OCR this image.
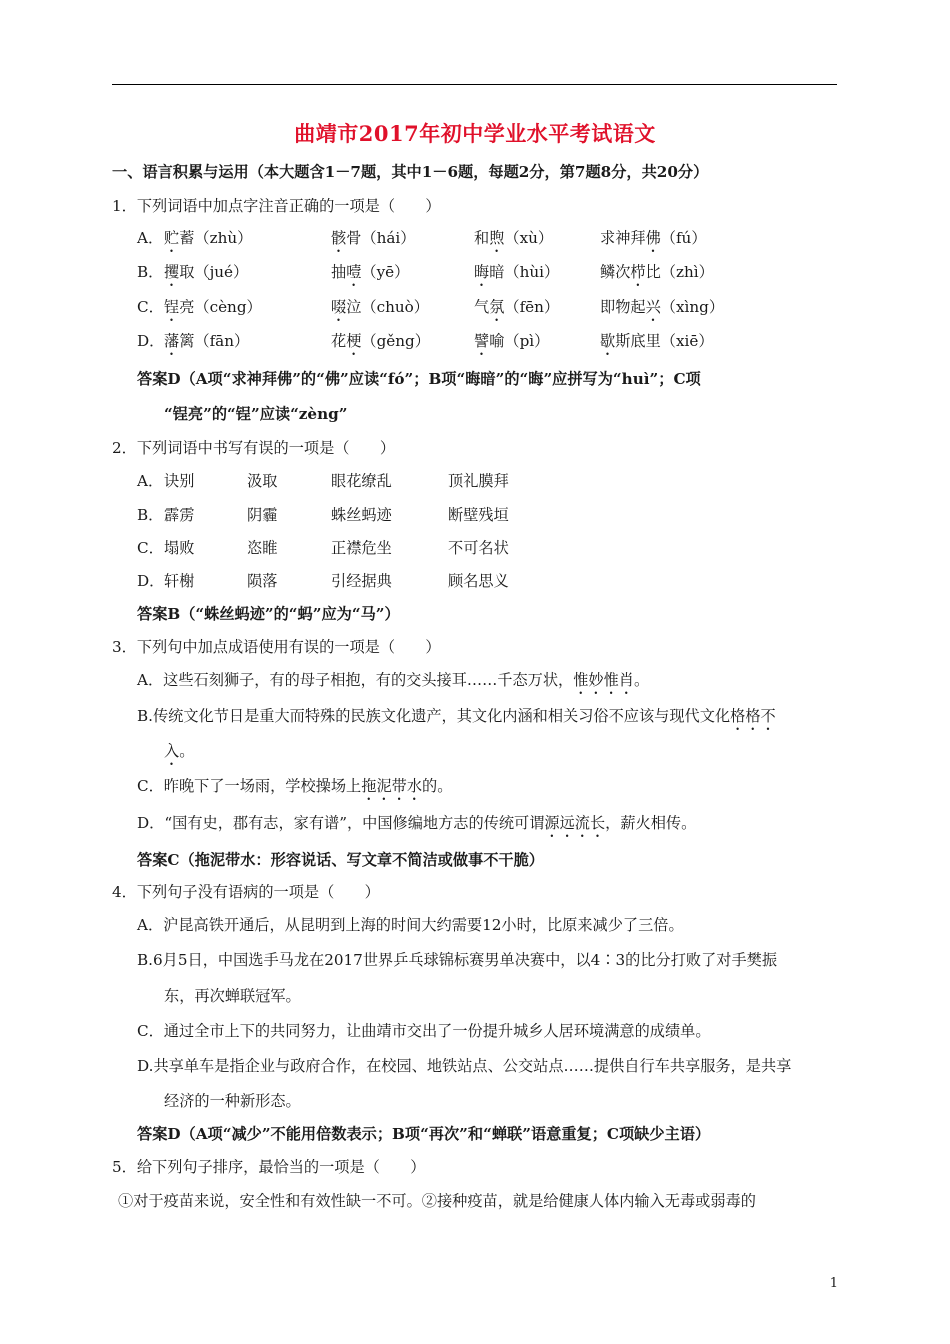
曲靖市2017年初中学业水平考试语文
一、语言积累与运用（本大题含1－7题，其中1－6题，每题2分，第7题8分，共20分）
1．下列词语中加点字注音正确的一项是（　　）
A． 贮蓄（zhù）	骸骨（hái）	和煦（xù）	求神拜佛（fú）
B． 攫取（jué）	抽噎（yē）	晦暗（hùi）	鳞次栉比（zhì）
C． 锃亮（cèng）	啜泣（chuò）	气氛（fēn）	即物起兴（xìng）
D． 藩篱（fān）	花梗（gěng）	譬喻（pì）	歇斯底里（xiē）
答案D（A项“求神拜佛”的“佛”应读“fó”；B项“晦暗”的“晦”应拼写为“huì”；C项
“锃亮”的“锃”应读“zèng”
2．下列词语中书写有误的一项是（　　）
A． 诀别	汲取	眼花缭乱	顶礼膜拜
B． 霹雳	阴霾	蛛丝蚂迹	断壁残垣
C． 塌败	恣睢	正襟危坐	不可名状
D． 轩榭	陨落	引经据典	顾名思义
答案B（“蛛丝蚂迹”的“蚂”应为“马”）
3．下列句中加点成语使用有误的一项是（　　）
A．这些石刻狮子，有的母子相抱，有的交头接耳……千态万状，惟妙惟肖。
B.传统文化节日是重大而特殊的民族文化遗产，其文化内涵和相关习俗不应该与现代文化格格不
入。
C．昨晚下了一场雨，学校操场上拖泥带水的。
D．“国有史，郡有志，家有谱”，中国修编地方志的传统可谓源远流长，薪火相传。
答案C（拖泥带水：形容说话、写文章不简洁或做事不干脆）
4．下列句子没有语病的一项是（　　）
A．沪昆高铁开通后，从昆明到上海的时间大约需要12小时，比原来减少了三倍。
B.6月5日，中国选手马龙在2017世界乒乓球锦标赛男单决赛中，以4∶3的比分打败了对手樊振
东，再次蝉联冠军。
C．通过全市上下的共同努力，让曲靖市交出了一份提升城乡人居环境满意的成绩单。
D.共享单车是指企业与政府合作，在校园、地铁站点、公交站点……提供自行车共享服务，是共享
经济的一种新形态。
答案D（A项“减少”不能用倍数表示；B项“再次”和“蝉联”语意重复；C项缺少主语）
5．给下列句子排序，最恰当的一项是（　　）
①对于疫苗来说，安全性和有效性缺一不可。②接种疫苗，就是给健康人体内输入无毒或弱毒的
1
